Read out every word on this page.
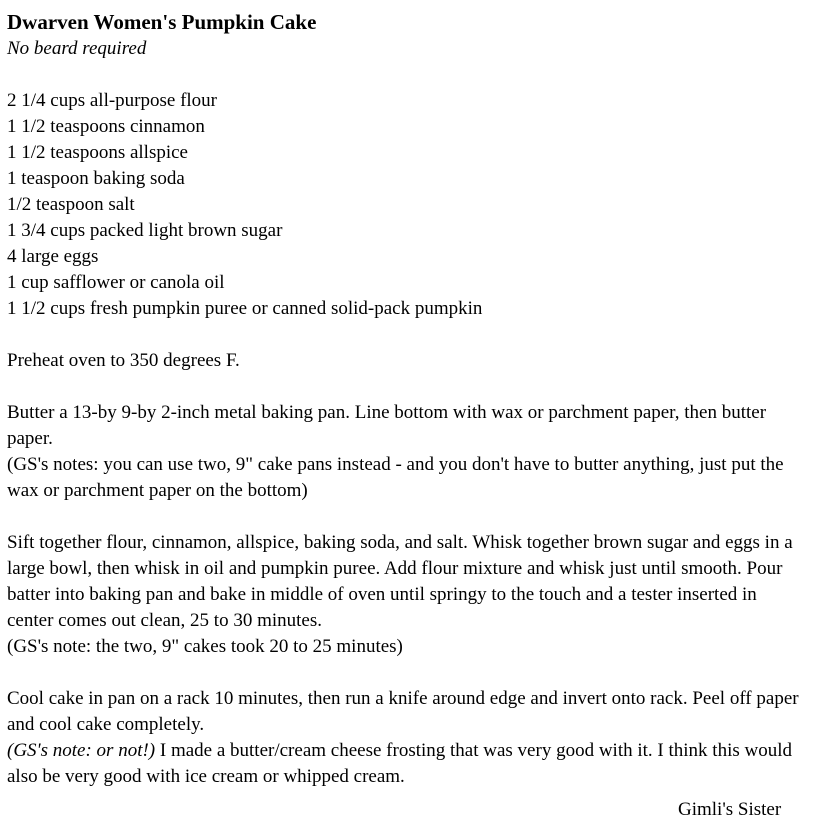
Dwarven Women's Pumpkin Cake

No beard required

2 1/4 cups all-purpose flour

1 1/2 teaspoons cinnamon

1 1/2 teaspoons allspice

1 teaspoon baking soda

1/2 teaspoon salt

1 3/4 cups packed light brown sugar

4 large eggs

1 cup safflower or canola oil

1 1/2 cups fresh pumpkin puree or canned solid-pack pumpkin

Preheat oven to 350 degrees F.

Butter a 13-by 9-by 2-inch metal baking pan. Line bottom with wax or parchment paper, then butter paper.

(GS's notes: you can use two, 9" cake pans instead - and you don't have to butter anything, just put the wax or parchment paper on the bottom)

Sift together flour, cinnamon, allspice, baking soda, and salt. Whisk together brown sugar and eggs in a large bowl, then whisk in oil and pumpkin puree. Add flour mixture and whisk just until smooth. Pour batter into baking pan and bake in middle of oven until springy to the touch and a tester inserted in center comes out clean, 25 to 30 minutes.

(GS's note: the two, 9" cakes took 20 to 25 minutes)

Cool cake in pan on a rack 10 minutes, then run a knife around edge and invert onto rack. Peel off paper and cool cake completely.

(GS's note: or not!) I made a butter/cream cheese frosting that was very good with it. I think this would also be very good with ice cream or whipped cream.

Gimli's Sister
